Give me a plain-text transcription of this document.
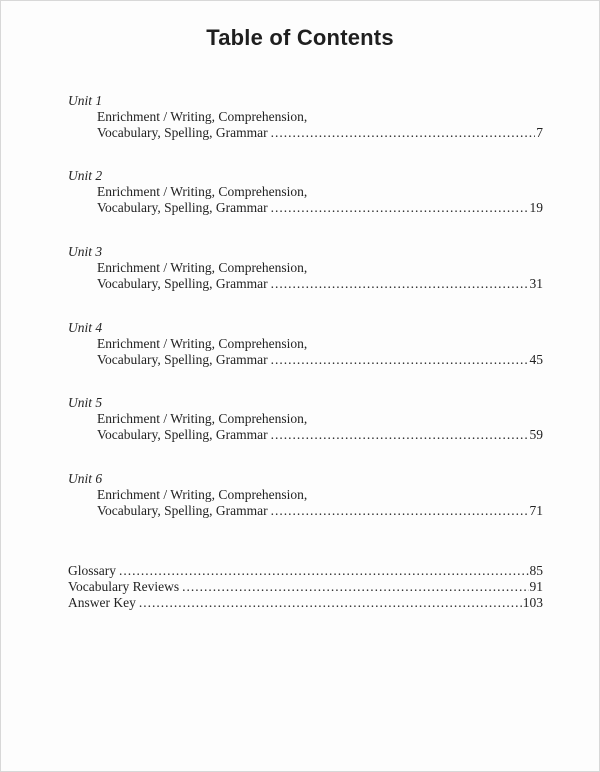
Table of Contents
Unit 1
Enrichment / Writing, Comprehension,
Vocabulary, Spelling, Grammar .....	7
Unit 2
Enrichment / Writing, Comprehension,
Vocabulary, Spelling, Grammar .....	19
Unit 3
Enrichment / Writing, Comprehension,
Vocabulary, Spelling, Grammar .....	31
Unit 4
Enrichment / Writing, Comprehension,
Vocabulary, Spelling, Grammar .....	45
Unit 5
Enrichment / Writing, Comprehension,
Vocabulary, Spelling, Grammar .....	59
Unit 6
Enrichment / Writing, Comprehension,
Vocabulary, Spelling, Grammar .....	71
Glossary .....	85
Vocabulary Reviews .....	91
Answer Key .....	103
